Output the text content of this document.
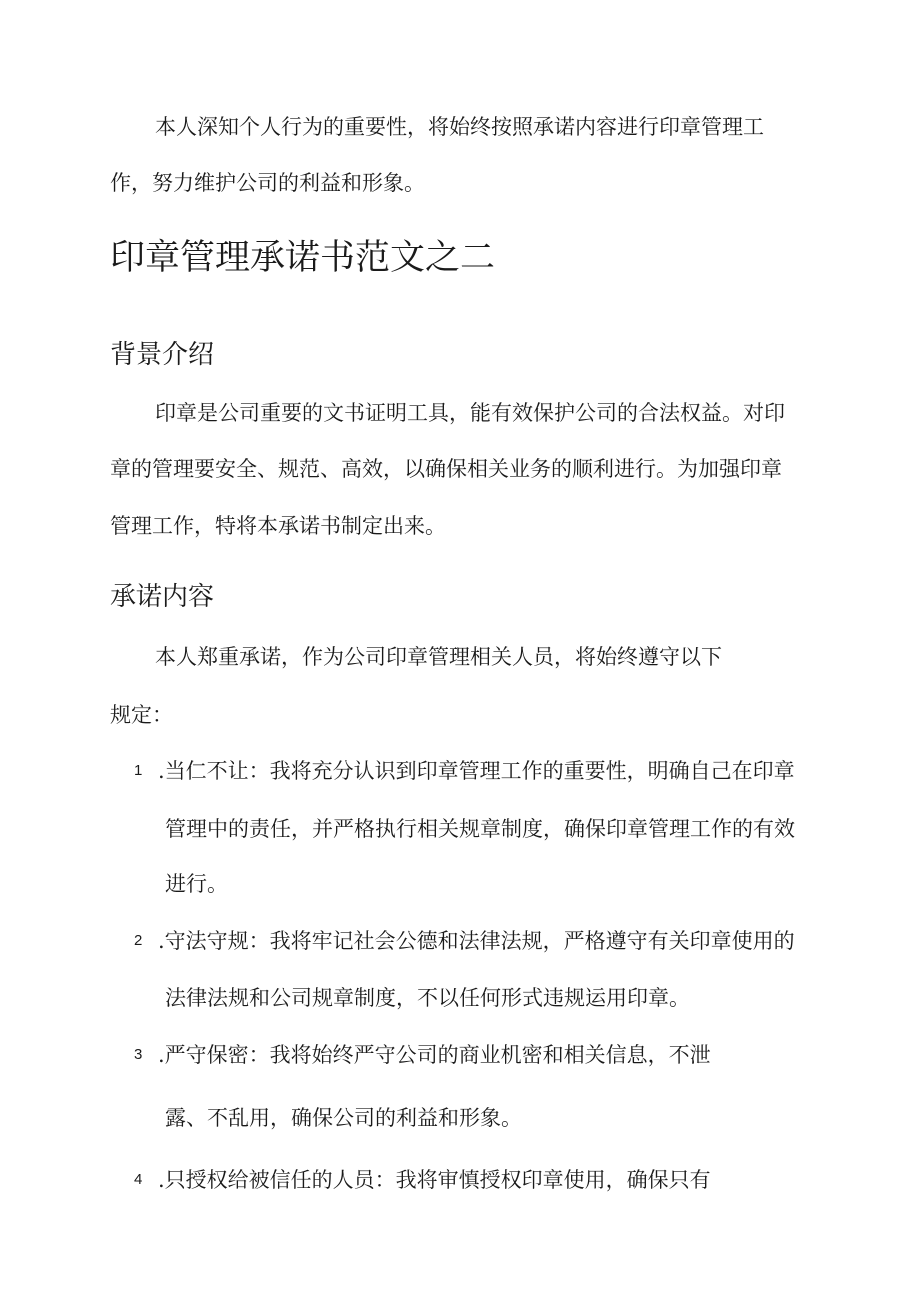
本人深知个人行为的重要性，将始终按照承诺内容进行印章管理工
作，努力维护公司的利益和形象。
印章管理承诺书范文之二
背景介绍
印章是公司重要的文书证明工具，能有效保护公司的合法权益。对印
章的管理要安全、规范、高效，以确保相关业务的顺利进行。为加强印章
管理工作，特将本承诺书制定出来。
承诺内容
本人郑重承诺，作为公司印章管理相关人员，将始终遵守以下
规定：
1 .当仁不让：我将充分认识到印章管理工作的重要性，明确自己在印章
管理中的责任，并严格执行相关规章制度，确保印章管理工作的有效
进行。
2 .守法守规：我将牢记社会公德和法律法规，严格遵守有关印章使用的
法律法规和公司规章制度，不以任何形式违规运用印章。
3 .严守保密：我将始终严守公司的商业机密和相关信息，不泄
露、不乱用，确保公司的利益和形象。
4 .只授权给被信任的人员：我将审慎授权印章使用，确保只有
